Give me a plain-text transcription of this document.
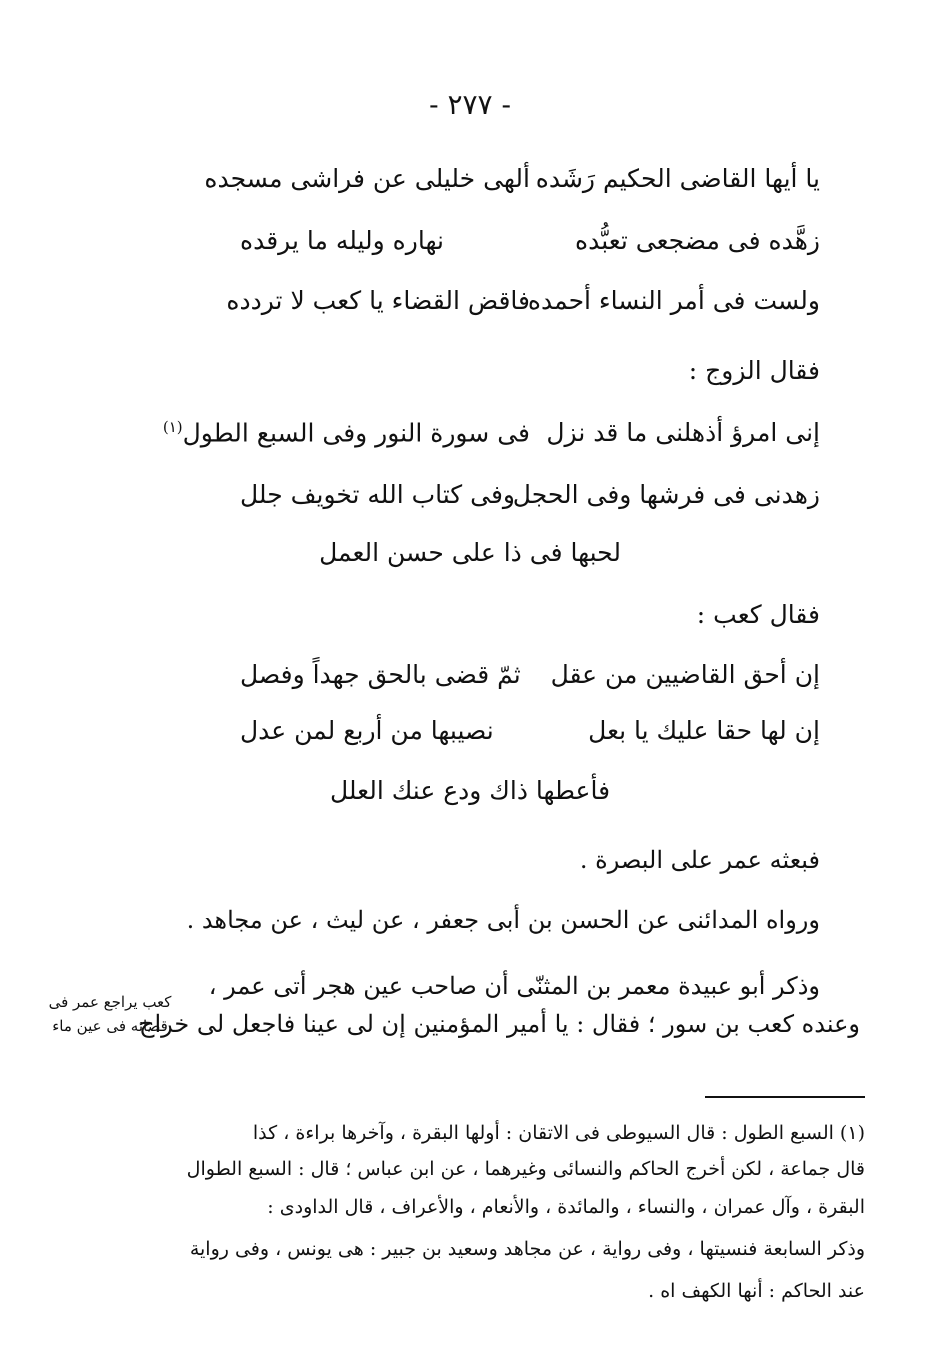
- ٢٧٧ -
يا أيها القاضى الحكيم رَشَده
ألهى خليلى عن فراشى مسجده
زهَّده فى مضجعى تعبُّده
نهاره وليله ما يرقده
ولست فى أمر النساء أحمده
فاقض القضاء يا كعب لا تردده
فقال الزوج :
إنى امرؤ أذهلنى ما قد نزل
فى سورة النور وفى السبع الطول$^{(١)}$
زهدنى فى فرشها وفى الحجل
وفى كتاب الله تخويف جلل
لحبها فى ذا على حسن العمل
فقال كعب :
إن أحق القاضيين من عقل
ثمّ قضى بالحق جهداً وفصل
إن لها حقا عليك يا بعل
نصيبها من أربع لمن عدل
فأعطها ذاك ودع عنك العلل
فبعثه عمر على البصرة .
ورواه المدائنى عن الحسن بن أبى جعفر ، عن ليث ، عن مجاهد .
وذكر أبو عبيدة معمر بن المثنّى أن صاحب عين هجر أتى عمر ،
وعنده كعب بن سور ؛ فقال : يا أمير المؤمنين إن لى عينا فاجعل لى خراج
كعب يراجع عمر فى
قضائه فى عين ماء
(١) السبع الطول : قال السيوطى فى الاتقان : أولها البقرة ، وآخرها براءة ، كذا
قال جماعة ، لكن أخرج الحاكم والنسائى وغيرهما ، عن ابن عباس ؛ قال : السبع الطوال
البقرة ، وآل عمران ، والنساء ، والمائدة ، والأنعام ، والأعراف ، قال الداودى :
وذكر السابعة فنسيتها ، وفى رواية ، عن مجاهد وسعيد بن جبير : هى يونس ، وفى رواية
عند الحاكم : أنها الكهف اه .
